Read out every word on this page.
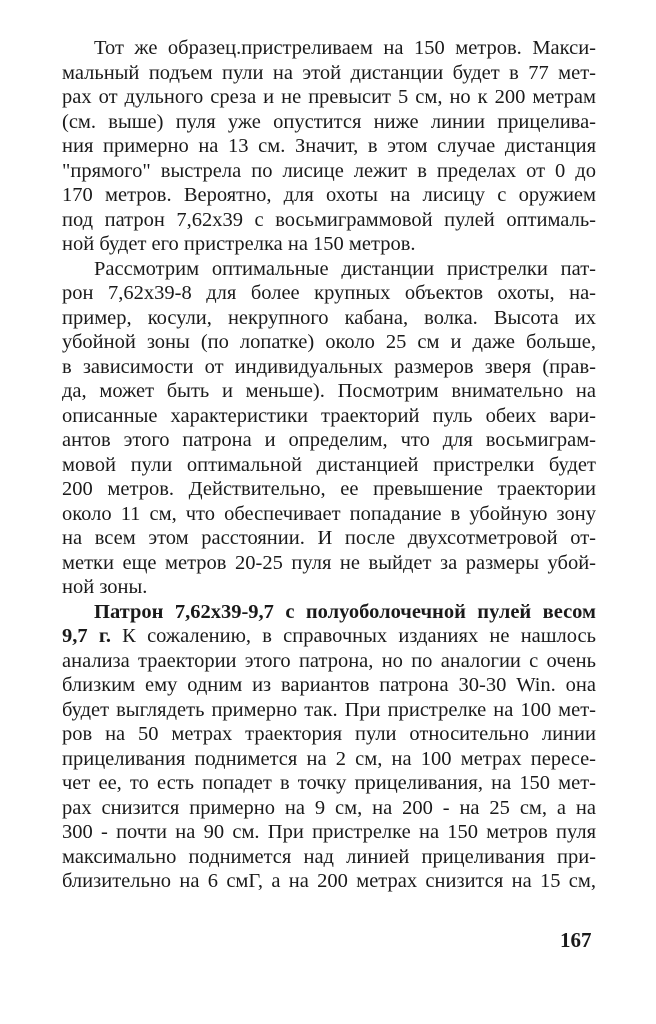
Тот же образец.пристреливаем на 150 метров. Макси-
мальный подъем пули на этой дистанции будет в 77 мет-
рах от дульного среза и не превысит 5 см, но к 200 метрам
(см. выше) пуля уже опустится ниже линии прицелива-
ния примерно на 13 см. Значит, в этом случае дистанция
"прямого" выстрела по лисице лежит в пределах от 0 до
170 метров. Вероятно, для охоты на лисицу с оружием
под патрон 7,62x39 с восьмиграммовой пулей оптималь-
ной будет его пристрелка на 150 метров.
Рассмотрим оптимальные дистанции пристрелки пат-
рон 7,62x39-8 для более крупных объектов охоты, на-
пример, косули, некрупного кабана, волка. Высота их
убойной зоны (по лопатке) около 25 см и даже больше,
в зависимости от индивидуальных размеров зверя (прав-
да, может быть и меньше). Посмотрим внимательно на
описанные характеристики траекторий пуль обеих вари-
антов этого патрона и определим, что для восьмиграм-
мовой пули оптимальной дистанцией пристрелки будет
200 метров. Действительно, ее превышение траектории
около 11 см, что обеспечивает попадание в убойную зону
на всем этом расстоянии. И после двухсотметровой от-
метки еще метров 20-25 пуля не выйдет за размеры убой-
ной зоны.
Патрон 7,62х39-9,7 с полуоболочечной пулей весом
9,7 г. К сожалению, в справочных изданиях не нашлось
анализа траектории этого патрона, но по аналогии с очень
близким ему одним из вариантов патрона 30-30 Win. она
будет выглядеть примерно так. При пристрелке на 100 мет-
ров на 50 метрах траектория пули относительно линии
прицеливания поднимется на 2 см, на 100 метрах пересе-
чет ее, то есть попадет в точку прицеливания, на 150 мет-
рах снизится примерно на 9 см, на 200 - на 25 см, а на
300 - почти на 90 см. При пристрелке на 150 метров пуля
максимально поднимется над линией прицеливания при-
близительно на 6 смГ, а на 200 метрах снизится на 15 см,
167
